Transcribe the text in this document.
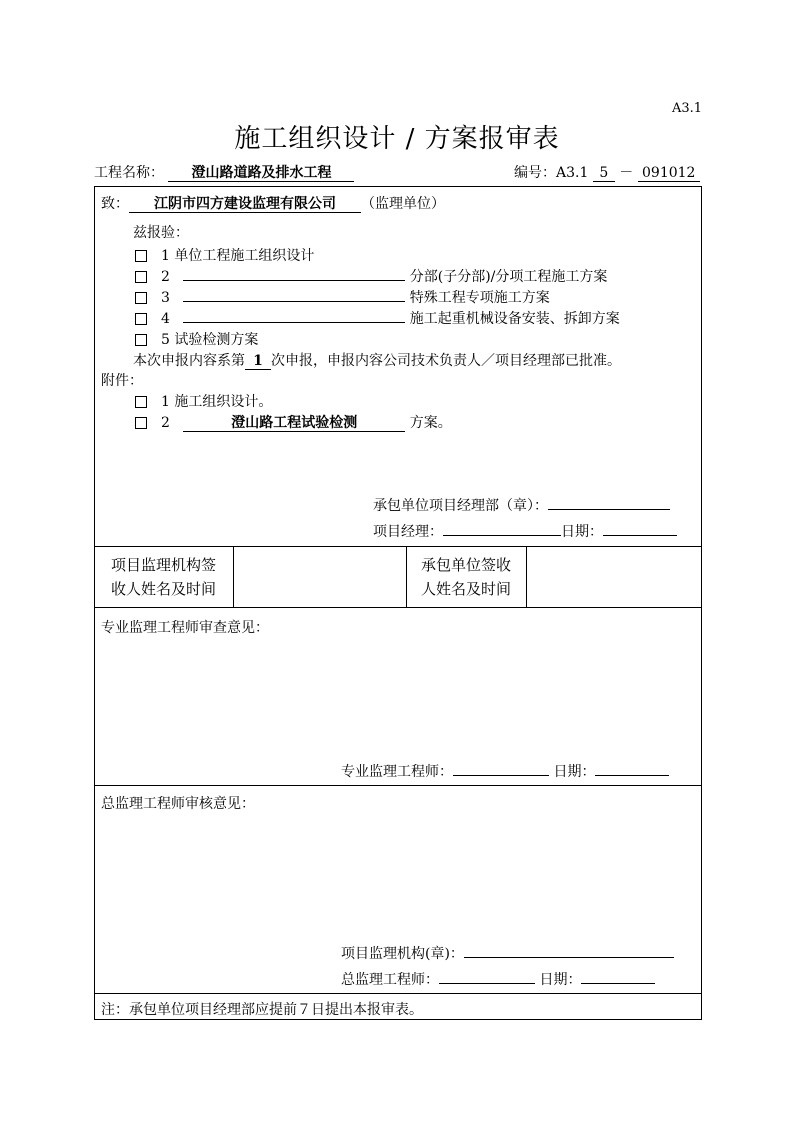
A3.1
施工组织设计 / 方案报审表
工程名称： 澄山路道路及排水工程	编号：A3.1 5 － 091012
致： 江阴市四方建设监理有限公司 （监理单位）
兹报验：
1 单位工程施工组织设计
2	分部(子分部)/分项工程施工方案
3	特殊工程专项施工方案
4	施工起重机械设备安装、拆卸方案
5 试验检测方案
本次申报内容系第 1 次申报，申报内容公司技术负责人／项目经理部已批准。
附件：
1 施工组织设计。
2	澄山路工程试验检测	方案。
承包单位项目经理部（章）：
项目经理：	日期：
项目监理机构签
收人姓名及时间
承包单位签收
人姓名及时间
专业监理工程师审查意见：
专业监理工程师：	日期：
总监理工程师审核意见：
项目监理机构(章)：
总监理工程师：	日期：
注：承包单位项目经理部应提前７日提出本报审表。
